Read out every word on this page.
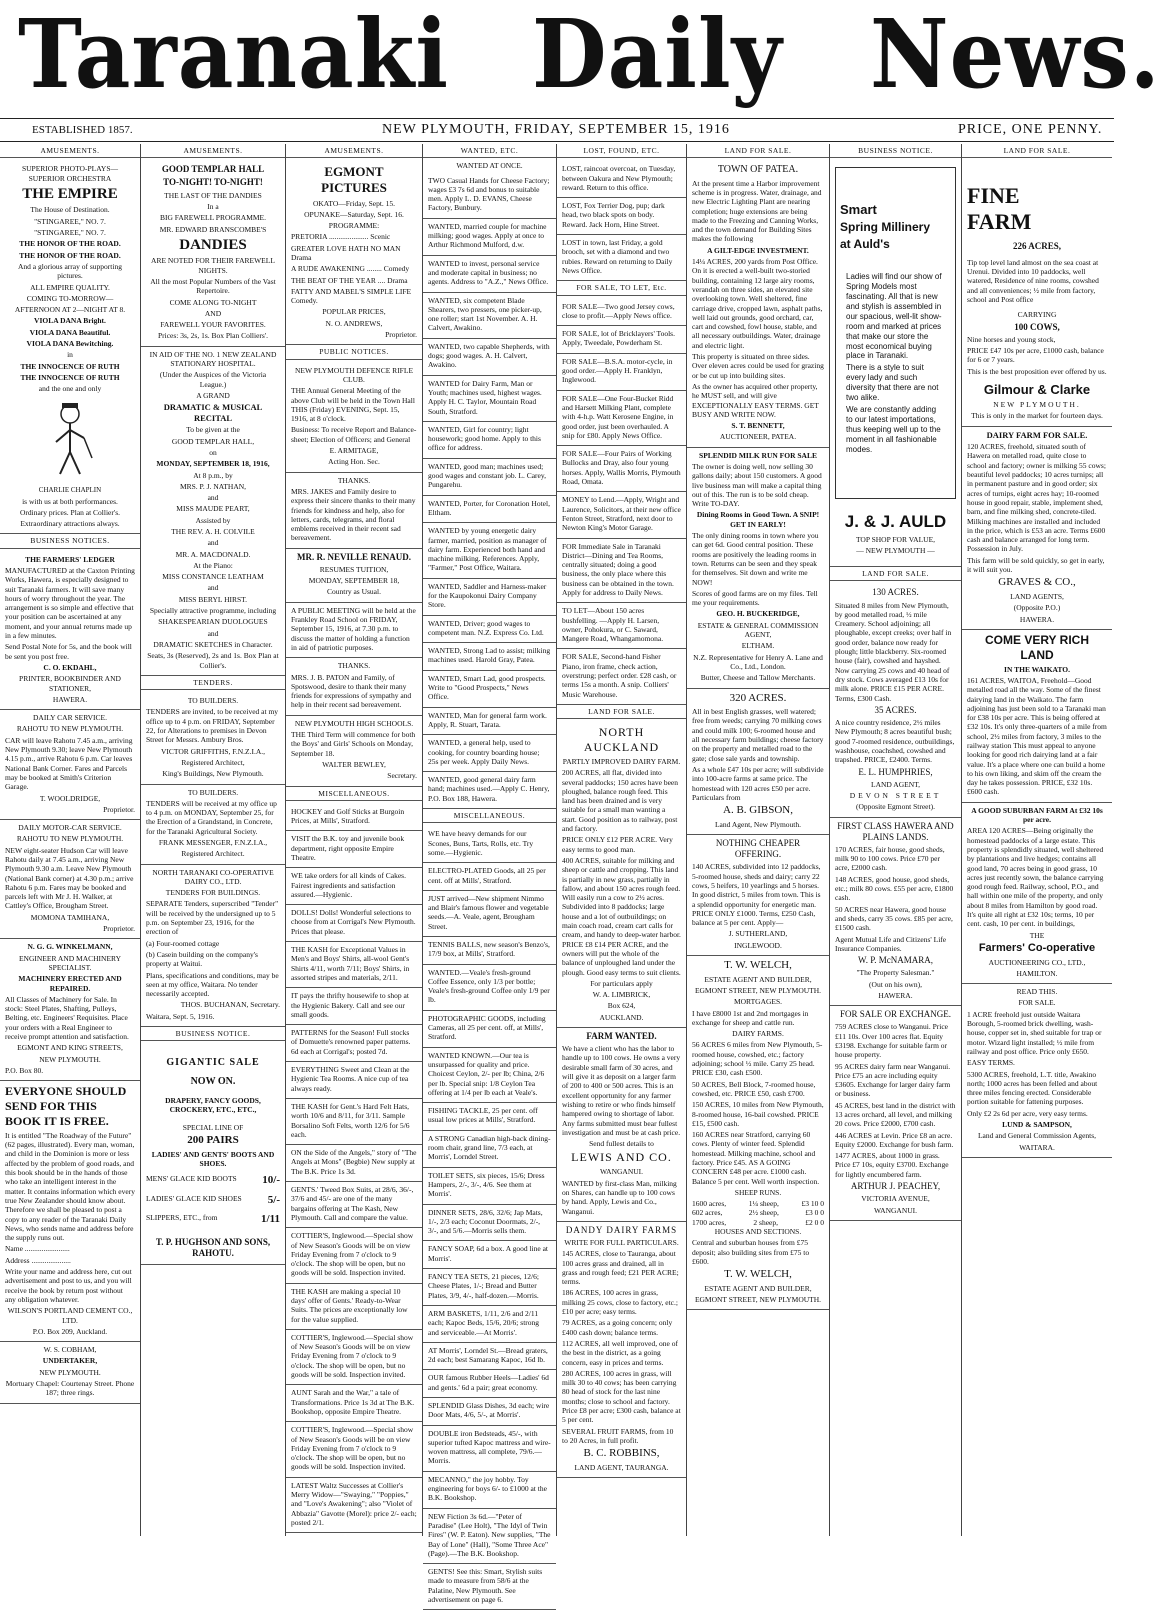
Taranaki Daily News.
ESTABLISHED 1857.	NEW PLYMOUTH, FRIDAY, SEPTEMBER 15, 1916	PRICE, ONE PENNY.
AMUSEMENTS.

SUPERIOR PHOTO-PLAYS— SUPERIOR ORCHESTRA

THE EMPIRE

The House of Destination.

"STINGAREE," NO. 7.

"STINGAREE," NO. 7.

THE HONOR OF THE ROAD.

THE HONOR OF THE ROAD.

And a glorious array of supporting pictures.

ALL EMPIRE QUALITY.

COMING TO-MORROW—

AFTERNOON AT 2—NIGHT AT 8.

VIOLA DANA Bright.

VIOLA DANA Beautiful.

VIOLA DANA Bewitching.

in

THE INNOCENCE OF RUTH

THE INNOCENCE OF RUTH

and the one and only

CHARLIE CHAPLIN

is with us at both performances.

Ordinary prices. Plan at Collier's.

Extraordinary attractions always.

BUSINESS NOTICES.

THE FARMERS' LEDGER

MANUFACTURED at the Caxton Printing Works, Hawera, is especially designed to suit Taranaki farmers. It will save many hours of worry throughout the year. The arrangement is so simple and effective that your position can be ascertained at any moment, and your annual returns made up in a few minutes.

Send Postal Note for 5s, and the book will be sent you post free.

C. O. EKDAHL,

PRINTER, BOOKBINDER AND STATIONER,

HAWERA.

DAILY CAR SERVICE.

RAHOTU TO NEW PLYMOUTH.

CAR will leave Rahotu 7.45 a.m., arriving New Plymouth 9.30; leave New Plymouth 4.15 p.m., arrive Rahotu 6 p.m. Car leaves National Bank Corner. Fares and Parcels may be booked at Smith's Criterion Garage.

T. WOOLDRIDGE,

Proprietor.

DAILY MOTOR-CAR SERVICE.

RAHOTU TO NEW PLYMOUTH.

NEW eight-seater Hudson Car will leave Rahotu daily at 7.45 a.m., arriving New Plymouth 9.30 a.m. Leave New Plymouth (National Bank corner) at 4.30 p.m.; arrive Rahotu 6 p.m. Fares may be booked and parcels left with Mr J. H. Walker, at Cattley's Office, Brougham Street.

MOMONA TAMIHANA,

Proprietor.

N. G. G. WINKELMANN,

ENGINEER AND MACHINERY SPECIALIST.

MACHINERY ERECTED AND REPAIRED.

All Classes of Machinery for Sale. In stock: Steel Plates, Shafting, Pulleys, Belting, etc. Engineers' Requisites. Place your orders with a Real Engineer to receive prompt attention and satisfaction.

EGMONT AND KING STREETS,

NEW PLYMOUTH.

P.O. Box 80.

EVERYONE SHOULD SEND FOR THIS BOOK IT IS FREE.

It is entitled "The Roadway of the Future" (62 pages, illustrated). Every man, woman, and child in the Dominion is more or less affected by the problem of good roads, and this book should be in the hands of those who take an intelligent interest in the matter. It contains information which every true New Zealander should know about. Therefore we shall be pleased to post a copy to any reader of the Taranaki Daily News, who sends name and address before the supply runs out.

Name ........................

Address .....................

Write your name and address here, cut out advertisement and post to us, and you will receive the book by return post without any obligation whatever.

WILSON'S PORTLAND CEMENT CO., LTD.

P.O. Box 209, Auckland.

W. S. COBHAM,

UNDERTAKER,

NEW PLYMOUTH.

Mortuary Chapel: Courtenay Street. Phone 187; three rings.

AMUSEMENTS.

GOOD TEMPLAR HALL

TO-NIGHT! TO-NIGHT!

THE LAST OF THE DANDIES

In a

BIG FAREWELL PROGRAMME.

MR. EDWARD BRANSCOMBE'S

DANDIES

ARE NOTED FOR THEIR FAREWELL NIGHTS.

All the most Popular Numbers of the Vast Repertoire.

COME ALONG TO-NIGHT

AND

FAREWELL YOUR FAVORITES.

Prices: 3s, 2s, 1s. Box Plan Colliers'.

IN AID OF THE NO. 1 NEW ZEALAND STATIONARY HOSPITAL.

(Under the Auspices of the Victoria League.)

A GRAND

DRAMATIC & MUSICAL RECITAL

To be given at the

GOOD TEMPLAR HALL,

on

MONDAY, SEPTEMBER 18, 1916,

At 8 p.m., by

MRS. P. J. NATHAN,

and

MISS MAUDE PEART,

Assisted by

THE REV. A. H. COLVILE

and

MR. A. MACDONALD.

At the Piano:

MISS CONSTANCE LEATHAM

and

MISS BERYL HIRST.

Specially attractive programme, including

SHAKESPEARIAN DUOLOGUES

and

DRAMATIC SKETCHES in Character.

Seats, 3s (Reserved), 2s and 1s. Box Plan at Collier's.

TENDERS.

TO BUILDERS.

TENDERS are invited, to be received at my office up to 4 p.m. on FRIDAY, September 22, for Alterations to premises in Devon Street for Messrs. Ambury Bros.

VICTOR GRIFFITHS, F.N.Z.I.A.,

Registered Architect,

King's Buildings, New Plymouth.

TO BUILDERS.

TENDERS will be received at my office up to 4 p.m. on MONDAY, September 25, for the Erection of a Grandstand, in Concrete, for the Taranaki Agricultural Society.

FRANK MESSENGER, F.N.Z.I.A.,

Registered Architect.

NORTH TARANAKI CO-OPERATIVE DAIRY CO., LTD.

TENDERS FOR BUILDINGS.

SEPARATE Tenders, superscribed "Tender" will be received by the undersigned up to 5 p.m. on September 23, 1916, for the erection of

(a) Four-roomed cottage

(b) Casein building on the company's property at Waitui.

Plans, specifications and conditions, may be seen at my office, Waitara. No tender necessarily accepted.

THOS. BUCHANAN, Secretary.

Waitara, Sept. 5, 1916.

BUSINESS NOTICE.

GIGANTIC SALE

NOW ON.

DRAPERY, FANCY GOODS, CROCKERY, ETC., ETC.,

SPECIAL LINE OF

200 PAIRS

LADIES' AND GENTS' BOOTS AND SHOES.

MENS' GLACE KID BOOTS 10/-
LADIES' GLACE KID SHOES 5/-
SLIPPERS, ETC., from	1/11

T. P. HUGHSON AND SONS, RAHOTU.

AMUSEMENTS.

EGMONT PICTURES

OKATO—Friday, Sept. 15.

OPUNAKE—Saturday, Sept. 16.

PROGRAMME:

PRETORIA ..................... Scenic

GREATER LOVE HATH NO MAN Drama

A RUDE AWAKENING ........ Comedy

THE BEAT OF THE YEAR .... Drama

FATTY AND MABEL'S SIMPLE LIFE Comedy.

POPULAR PRICES,

N. O. ANDREWS,

Proprietor.

PUBLIC NOTICES.

NEW PLYMOUTH DEFENCE RIFLE CLUB.

THE Annual General Meeting of the above Club will be held in the Town Hall THIS (Friday) EVENING, Sept. 15, 1916, at 8 o'clock.

Business: To receive Report and Balance-sheet; Election of Officers; and General

E. ARMITAGE,

Acting Hon. Sec.

THANKS.

MRS. JAKES and Family desire to express their sincere thanks to their many friends for kindness and help, also for letters, cards, telegrams, and floral emblems received in their recent sad bereavement.

MR. R. NEVILLE RENAUD.

RESUMES TUITION,

MONDAY, SEPTEMBER 18,

Country as Usual.

A PUBLIC MEETING will be held at the Frankley Road School on FRIDAY, September 15, 1916, at 7.30 p.m. to discuss the matter of holding a function in aid of patriotic purposes.

THANKS.

MRS. J. B. PATON and Family, of Spotswood, desire to thank their many friends for expressions of sympathy and help in their recent sad bereavement.

NEW PLYMOUTH HIGH SCHOOLS.

THE Third Term will commence for both the Boys' and Girls' Schools on Monday, September 18.

WALTER BEWLEY,

Secretary.

MISCELLANEOUS.

HOCKEY and Golf Sticks at Burgoin Prices, at Mills', Stratford.

VISIT the B.K. toy and juvenile book department, right opposite Empire Theatre.

WE take orders for all kinds of Cakes. Fairest ingredients and satisfaction assured.—Hygienic.

DOLLS! Dolls! Wonderful selections to choose from at Corrigal's New Plymouth. Prices that please.

THE KASH for Exceptional Values in Men's and Boys' Shirts, all-wool Gent's Shirts 4/11, worth 7/11; Boys' Shirts, in assorted stripes and materials, 2/11.

IT pays the thrifty housewife to shop at the Hygienic Bakery. Call and see our small goods.

PATTERNS for the Season! Full stocks of Domuette's renowned paper patterns. 6d each at Corrigal's; posted 7d.

EVERYTHING Sweet and Clean at the Hygienic Tea Rooms. A nice cup of tea always ready.

THE KASH for Gent.'s Hard Felt Hats, worth 10/6 and 8/11, for 3/11. Sample Borsalino Soft Felts, worth 12/6 for 5/6 each.

ON the Side of the Angels," story of "The Angels at Mons" (Begbie) New supply at The B.K. Price 1s 3d.

GENTS.' Tweed Box Suits, at 28/6, 36/-, 37/6 and 45/- are one of the many bargains offering at The Kash, New Plymouth. Call and compare the value.

COTTIER'S, Inglewood.—Special show of New Season's Goods will be on view Friday Evening from 7 o'clock to 9 o'clock. The shop will be open, but no goods will be sold. Inspection invited.

THE KASH are making a special 10 days' offer of Gents.' Ready-to-Wear Suits. The prices are exceptionally low for the value supplied.

COTTIER'S, Inglewood.—Special show of New Season's Goods will be on view Friday Evening from 7 o'clock to 9 o'clock. The shop will be open, but no goods will be sold. Inspection invited.

AUNT Sarah and the War," a tale of Transformations. Price 1s 3d at The B.K. Bookshop, opposite Empire Theatre.

COTTIER'S, Inglewood.—Special show of New Season's Goods will be on view Friday Evening from 7 o'clock to 9 o'clock. The shop will be open, but no goods will be sold. Inspection invited.

LATEST Waltz Successes at Collier's Merry Widow—"Swaying," "Poppies," and "Love's Awakening"; also "Violet of Abbazia" Gavotte (Morel): price 2/- each; posted 2/1.

WANTED, ETC.

WANTED AT ONCE.

TWO Casual Hands for Cheese Factory; wages £3 7s 6d and bonus to suitable men. Apply L. D. EVANS, Cheese Factory, Bunbury.

WANTED, married couple for machine milking; good wages. Apply at once to Arthur Richmond Mulford, d.w.

WANTED to invest, personal service and moderate capital in business; no agents. Address to "A.Z.," News Office.

WANTED, six competent Blade Shearers, two pressers, one picker-up, one roller; start 1st November. A. H. Calvert, Awakino.

WANTED, two capable Shepherds, with dogs; good wages. A. H. Calvert, Awakino.

WANTED for Dairy Farm, Man or Youth; machines used, highest wages. Apply H. C. Taylor, Mountain Road South, Stratford.

WANTED, Girl for country; light housework; good home. Apply to this office for address.

WANTED, good man; machines used; good wages and constant job. L. Carey, Pungarehu.

WANTED, Porter, for Coronation Hotel, Eltham.

WANTED by young energetic dairy farmer, married, position as manager of dairy farm. Experienced both hand and machine milking. References. Apply, "Farmer," Post Office, Waitara.

WANTED, Saddler and Harness-maker for the Kaupokonui Dairy Company Store.

WANTED, Driver; good wages to competent man. N.Z. Express Co. Ltd.

WANTED, Strong Lad to assist; milking machines used. Harold Gray, Patea.

WANTED, Smart Lad, good prospects. Write to "Good Prospects," News Office.

WANTED, Man for general farm work. Apply, R. Stuart, Tarata.

WANTED, a general help, used to cooking, for country boarding house; 25s per week. Apply Daily News.

WANTED, good general dairy farm hand; machines used.—Apply C. Henry, P.O. Box 188, Hawera.

MISCELLANEOUS.

WE have heavy demands for our Scones, Buns, Tarts, Rolls, etc. Try some.—Hygienic.

ELECTRO-PLATED Goods, all 25 per cent. off at Mills', Stratford.

JUST arrived—New shipment Nimmo and Blair's famous flower and vegetable seeds.—A. Veale, agent, Brougham Street.

TENNIS BALLS, new season's Benzo's, 17/9 box, at Mills', Stratford.

WANTED.—Veale's fresh-ground Coffee Essence, only 1/3 per bottle; Veale's fresh-ground Coffee only 1/9 per lb.

PHOTOGRAPHIC GOODS, including Cameras, all 25 per cent. off, at Mills', Stratford.

WANTED KNOWN.—Our tea is unsurpassed for quality and price. Choicest Ceylon, 2/- per lb; China, 2/6 per lb. Special snip: 1/8 Ceylon Tea offering at 1/4 per lb each at Veale's.

FISHING TACKLE, 25 per cent. off usual low prices at Mills', Stratford.

A STRONG Canadian high-back dining-room chair, grand line, 7/3 each, at Morris', Lorndel Street.

TOILET SETS, six pieces, 15/6; Dress Hampers, 2/-, 3/-, 4/6. See them at Morris'.

DINNER SETS, 28/6, 32/6; Jap Mats, 1/-, 2/3 each; Coconut Doormats, 2/-, 3/-, and 5/6.—Morris sells them.

FANCY SOAP, 6d a box. A good line at Morris'.

FANCY TEA SETS, 21 pieces, 12/6; Cheese Plates, 1/-; Bread and Butter Plates, 3/9, 4/-, half-dozen.—Morris.

ARM BASKETS, 1/11, 2/6 and 2/11 each; Kapoc Beds, 15/6, 20/6; strong and serviceable.—At Morris'.

AT Morris', Lorndel St.—Bread graters, 2d each; best Samarang Kapoc, 16d lb.

OUR famous Rubber Heels—Ladies' 6d and gents.' 6d a pair; great economy.

SPLENDID Glass Dishes, 3d each; wire Door Mats, 4/6, 5/-, at Morris'.

DOUBLE iron Bedsteads, 45/-, with superior tufted Kapoc mattress and wire-woven mattress, all complete, 79/6.—Morris.

MECANNO," the joy hobby. Toy engineering for boys 6/- to £1000 at the B.K. Bookshop.

NEW Fiction 3s 6d.—"Peter of Paradise" (Lee Holt), "The Idyl of Twin Fires" (W. P. Eaton). New supplies, "The Bay of Lone" (Hall), "Some Three Ace" (Page).—The B.K. Bookshop.

GENTS! See this: Smart, Stylish suits made to measure from 58/6 at the Palatine, New Plymouth. See advertisement on page 6.

LOST, FOUND, ETC.

LOST, raincoat overcoat, on Tuesday, between Oakura and New Plymouth; reward. Return to this office.

LOST, Fox Terrier Dog, pup; dark head, two black spots on body. Reward. Jack Horn, Hine Street.

LOST in town, last Friday, a gold brooch, set with a diamond and two rubies. Reward on returning to Daily News Office.

FOR SALE, TO LET, Etc.

FOR SALE—Two good Jersey cows, close to profit.—Apply News office.

FOR SALE, lot of Bricklayers' Tools. Apply, Tweedale, Powderham St.

FOR SALE—B.S.A. motor-cycle, in good order.—Apply H. Franklyn, Inglewood.

FOR SALE—One Four-Bucket Ridd and Harsett Milking Plant, complete with 4-h.p. Watt Kerosene Engine, in good order, just been overhauled. A snip for £80. Apply News Office.

FOR SALE—Four Pairs of Working Bullocks and Dray, also four young horses. Apply, Wallis Morris, Plymouth Road, Omata.

MONEY to Lend.—Apply, Wright and Laurence, Solicitors, at their new office Fenton Street, Stratford, next door to Newton King's Motor Garage.

FOR Immediate Sale in Taranaki District—Dining and Tea Rooms, centrally situated; doing a good business, the only place where this business can be obtained in the town. Apply for address to Daily News.

TO LET—About 150 acres bushfelling. —Apply H. Larsen, owner, Pohokura, or C. Saward, Mangere Road, Whangamomona.

FOR SALE, Second-hand Fisher Piano, iron frame, check action, overstrung; perfect order. £28 cash, or terms 15s a month. A snip. Colliers' Music Warehouse.

LAND FOR SALE.

NORTH AUCKLAND

PARTLY IMPROVED DAIRY FARM.

200 ACRES, all flat, divided into several paddocks; 150 acres have been ploughed, balance rough feed. This land has been drained and is very suitable for a small man wanting a start. Good position as to railway, post and factory.

PRICE ONLY £12 PER ACRE. Very easy terms to good man.

400 ACRES, suitable for milking and sheep or cattle and cropping. This land is partially in new grass, partially in fallow, and about 150 acres rough feed. Will easily run a cow to 2½ acres. Subdivided into 8 paddocks; large house and a lot of outbuildings; on main coach road, cream cart calls for cream, and handy to deep-water harbor. PRICE £8 £14 PER ACRE, and the owners will put the whole of the balance of unploughed land under the plough. Good easy terms to suit clients.

For particulars apply

W. A. LIMBRICK,

Box 624,

AUCKLAND.

FARM WANTED.

We have a client who has the labor to handle up to 100 cows. He owns a very desirable small farm of 30 acres, and will give it as deposit on a larger farm of 200 to 400 or 500 acres. This is an excellent opportunity for any farmer wishing to retire or who finds himself hampered owing to shortage of labor. Any farms submitted must bear fullest investigation and must be at cash price.

Send fullest details to

LEWIS AND CO.

WANGANUI.

WANTED by first-class Man, milking on Shares, can handle up to 100 cows by hand. Apply, Lewis and Co., Wanganui.

DANDY DAIRY FARMS

WRITE FOR FULL PARTICULARS.

145 ACRES, close to Tauranga, about 100 acres grass and drained, all in grass and rough feed; £21 PER ACRE; terms.

186 ACRES, 100 acres in grass, milking 25 cows, close to factory, etc.; £10 per acre; easy terms.

79 ACRES, as a going concern; only £400 cash down; balance terms.

112 ACRES, all well improved, one of the best in the district, as a going concern, easy in prices and terms.

280 ACRES, 100 acres in grass, will milk 30 to 40 cows; has been carrying 80 head of stock for the last nine months; close to school and factory. Price £8 per acre; £300 cash, balance at 5 per cent.

SEVERAL FRUIT FARMS, from 10 to 20 Acres, in full profit.

B. C. ROBBINS,

LAND AGENT, TAURANGA.

LAND FOR SALE.

TOWN OF PATEA.

At the present time a Harbor improvement scheme is in progress. Water, drainage, and new Electric Lighting Plant are nearing completion; huge extensions are being made to the Freezing and Canning Works, and the town demand for Building Sites makes the following

A GILT-EDGE INVESTMENT.

14¼ ACRES, 200 yards from Post Office. On it is erected a well-built two-storied building, containing 12 large airy rooms, verandah on three sides, an elevated site overlooking town. Well sheltered, fine carriage drive, cropped lawn, asphalt paths, well laid out grounds, good orchard, car, cart and cowshed, fowl house, stable, and all necessary outbuildings. Water, drainage and electric light.

This property is situated on three sides. Over eleven acres could be used for grazing or be cut up into building sites.

As the owner has acquired other property, he MUST sell, and will give EXCEPTIONALLY EASY TERMS. GET BUSY AND WRITE NOW.

S. T. BENNETT,

AUCTIONEER, PATEA.

SPLENDID MILK RUN FOR SALE

The owner is doing well, now selling 30 gallons daily; about 150 customers. A good live business man will make a capital thing out of this. The run is to be sold cheap. Write TO-DAY.

Dining Rooms in Good Town. A SNIP! GET IN EARLY!

The only dining rooms in town where you can get 6d. Good central position. These rooms are positively the leading rooms in town. Returns can be seen and they speak for themselves. Sit down and write me NOW!

Scores of good farms are on my files. Tell me your requirements.

GEO. H. BUCKERIDGE,

ESTATE & GENERAL COMMISSION AGENT,

ELTHAM.

N.Z. Representative for Henry A. Lane and Co., Ltd., London.

Butter, Cheese and Tallow Merchants.

320 ACRES.

All in best English grasses, well watered; free from weeds; carrying 70 milking cows and could milk 100; 6-roomed house and all necessary farm buildings; cheese factory on the property and metalled road to the gate; close sale yards and township.

As a whole £47 10s per acre; will subdivide into 100-acre farms at same price. The homestead with 120 acres £50 per acre. Particulars from

A. B. GIBSON,

Land Agent, New Plymouth.

NOTHING CHEAPER OFFERING.

140 ACRES, subdivided into 12 paddocks, 5-roomed house, sheds and dairy; carry 22 cows, 5 heifers, 10 yearlings and 5 horses. In good district, 5 miles from town. This is a splendid opportunity for energetic man. PRICE ONLY £1000. Terms, £250 Cash, balance at 5 per cent. Apply—

J. SUTHERLAND,

INGLEWOOD.

T. W. WELCH,

ESTATE AGENT AND BUILDER,

EGMONT STREET, NEW PLYMOUTH.

MORTGAGES.

I have £8000 1st and 2nd mortgages in exchange for sheep and cattle run.

DAIRY FARMS.

56 ACRES 6 miles from New Plymouth, 5-roomed house, cowshed, etc.; factory adjoining; school ½ mile. Carry 25 head. PRICE £30, cash £500.

50 ACRES, Bell Block, 7-roomed house, cowshed, etc. PRICE £50, cash £700.

150 ACRES, 10 miles from New Plymouth, 8-roomed house, 16-bail cowshed. PRICE £15, £500 cash.

160 ACRES near Stratford, carrying 60 cows. Plenty of winter feed. Splendid homestead. Milking machine, school and factory. Price £45. AS A GOING CONCERN £48 per acre. £1000 cash. Balance 5 per cent. Well worth inspection.

SHEEP RUNS.

1600 acres,	1¼ sheep,	£3 10 0
602 acres,	2½ sheep,	£3 0 0
1700 acres,	2 sheep,	£2 0 0

HOUSES AND SECTIONS.

Central and suburban houses from £75 deposit; also building sites from £75 to £600.

T. W. WELCH,

ESTATE AGENT AND BUILDER,

EGMONT STREET, NEW PLYMOUTH.

BUSINESS NOTICE.

Smart

Spring Millinery

at Auld's

Ladies will find our show of Spring Models most fascinating. All that is new and stylish is assembled in our spacious, well-lit show-room and marked at prices that make our store the most economical buying place in Taranaki.

There is a style to suit every lady and such diversity that there are not two alike.

We are constantly adding to our latest importations, thus keeping well up to the moment in all fashionable modes.

J. & J. AULD

TOP SHOP FOR VALUE,

— NEW PLYMOUTH —

LAND FOR SALE.

130 ACRES.

Situated 8 miles from New Plymouth, by good metalled road, ½ mile Creamery. School adjoining; all ploughable, except creeks; over half in good order, balance now ready for plough; little blackberry. Six-roomed house (fair), cowshed and hayshed. Now carrying 25 cows and 40 head of dry stock. Cows averaged £13 10s for milk alone. PRICE £15 PER ACRE. Terms, £300 Cash.

35 ACRES.

A nice country residence, 2½ miles New Plymouth; 8 acres beautiful bush; good 7-roomed residence, outbuildings, washhouse, coachshed, cowshed and trapshed. PRICE, £2400. Terms.

E. L. HUMPHRIES,

LAND AGENT,

DEVON STREET

(Opposite Egmont Street).

FIRST CLASS HAWERA AND PLAINS LANDS.

170 ACRES, fair house, good sheds, milk 90 to 100 cows. Price £70 per acre, £2000 cash.

148 ACRES, good house, good sheds, etc.; milk 80 cows. £55 per acre, £1800 cash.

50 ACRES near Hawera, good house and sheds, carry 35 cows. £85 per acre, £1500 cash.

Agent Mutual Life and Citizens' Life Insurance Companies.

W. P. McNAMARA,

"The Property Salesman."

(Out on his own),

HAWERA.

FOR SALE OR EXCHANGE.

759 ACRES close to Wanganui. Price £11 10s. Over 100 acres flat. Equity £3198. Exchange for suitable farm or house property.

95 ACRES dairy farm near Wanganui. Price £75 an acre including equity £3605. Exchange for larger dairy farm or business.

45 ACRES, best land in the district with 13 acres orchard, all level, and milking 20 cows. Price £2000, £700 cash.

446 ACRES at Levin. Price £8 an acre. Equity £2000. Exchange for bush farm.

1477 ACRES, about 1000 in grass. Price £7 10s, equity £3700. Exchange for lightly encumbered farm.

ARTHUR J. PEACHEY,

VICTORIA AVENUE,

WANGANUI.

LAND FOR SALE.

FINE

FARM

226 ACRES,

Tip top level land almost on the sea coast at Urenui. Divided into 10 paddocks, well watered, Residence of nine rooms, cowshed and all conveniences; ½ mile from factory, school and Post office

CARRYING

100 COWS,

Nine horses and young stock,

PRICE £47 10s per acre, £1000 cash, balance for 6 or 7 years.

This is the best proposition ever offered by us.

Gilmour & Clarke

NEW PLYMOUTH.

This is only in the market for fourteen days.

DAIRY FARM FOR SALE.

120 ACRES, freehold, situated south of Hawera on metalled road, quite close to school and factory; owner is milking 55 cows; beautiful level paddocks; 10 acres turnips; all in permanent pasture and in good order; six acres of turnips, eight acres hay; 10-roomed house in good repair, stable, implement shed, barn, and fine milking shed, concrete-tiled. Milking machines are installed and included in the price, which is £53 an acre. Terms £600 cash and balance arranged for long term. Possession in July.

This farm will be sold quickly, so get in early, it will suit you.

GRAVES & CO.,

LAND AGENTS,

(Opposite P.O.)

HAWERA.

COME VERY RICH LAND

IN THE WAIKATO.

161 ACRES, WAITOA, Freehold—Good metalled road all the way. Some of the finest dairying land in the Waikato. The farm adjoining has just been sold to a Taranaki man for £38 10s per acre. This is being offered at £32 10s. It's only three-quarters of a mile from school, 2½ miles from factory, 3 miles to the railway station This must appeal to anyone looking for good rich dairying land at a fair value. It's a place where one can build a home to his own liking, and skim off the cream the day he takes possession. PRICE, £32 10s. £600 cash.

A GOOD SUBURBAN FARM At £32 10s per acre.

AREA 120 ACRES—Being originally the homestead paddocks of a large estate. This property is splendidly situated, well sheltered by plantations and live hedges; contains all good land, 70 acres being in good grass, 10 acres just recently sown, the balance carrying good rough feed. Railway, school, P.O., and hall within one mile of the property, and only about 8 miles from Hamilton by good road. It's quite all right at £32 10s; terms, 10 per cent. cash, 10 per cent. in buildings,

THE

Farmers' Co-operative

AUCTIONEERING CO., LTD.,

HAMILTON.

READ THIS.

FOR SALE.

1 ACRE freehold just outside Waitara Borough, 5-roomed brick dwelling, wash-house, copper set in, shed suitable for trap or motor. Wizard light installed; ½ mile from railway and post office. Price only £650.

EASY TERMS.

5300 ACRES, freehold, L.T. title, Awakino north; 1000 acres has been felled and about three miles fencing erected. Considerable portion suitable for fattening purposes.

Only £2 2s 6d per acre, very easy terms.

LUND & SAMPSON,

Land and General Commission Agents,

WAITARA.
